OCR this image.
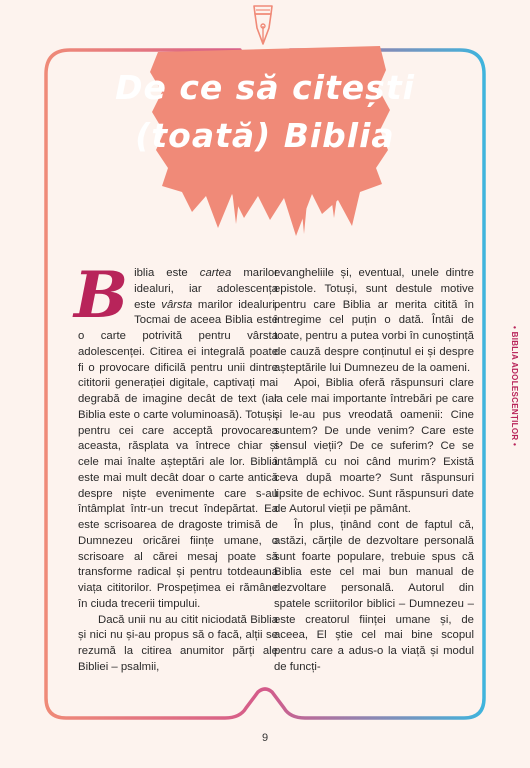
De ce să citești
(toată) Biblia

Biblia este cartea marilor idealuri, iar adolescența este vârsta marilor idealuri. Tocmai de aceea Biblia este o carte potrivită pentru vârsta adolescenței. Citirea ei integrală poate fi o provocare dificilă pentru unii dintre cititorii generației digitale, captivați mai degrabă de imagine decât de text (iar Biblia este o carte voluminoasă). Totuși, pentru cei care acceptă provocarea aceasta, răsplata va întrece chiar și cele mai înalte așteptări ale lor. Biblia este mai mult decât doar o carte antică despre niște evenimente care s-au întâmplat într-un trecut îndepărtat. Ea este scrisoarea de dragoste trimisă de Dumnezeu oricărei ființe umane, o scrisoare al cărei mesaj poate să transforme radical și pentru totdeauna viața cititorilor. Prospețimea ei rămâne în ciuda trecerii timpului.

Dacă unii nu au citit niciodată Biblia și nici nu și-au propus să o facă, alții se rezumă la citirea anumitor părți ale Bibliei – psalmii,

evangheliile și, eventual, unele dintre epistole. Totuși, sunt destule motive pentru care Biblia ar merita citită în întregime cel puțin o dată. Întâi de toate, pentru a putea vorbi în cunoștință de cauză despre conținutul ei și despre așteptările lui Dumnezeu de la oameni.

Apoi, Biblia oferă răspunsuri clare la cele mai importante întrebări pe care și le-au pus vreodată oamenii: Cine suntem? De unde venim? Care este sensul vieții? De ce suferim? Ce se întâmplă cu noi când murim? Există ceva după moarte? Sunt răspunsuri lipsite de echivoc. Sunt răspunsuri date de Autorul vieții pe pământ.

În plus, ținând cont de faptul că, astăzi, cărțile de dezvoltare personală sunt foarte populare, trebuie spus că Biblia este cel mai bun manual de dezvoltare personală. Autorul din spatele scriitorilor biblici – Dumnezeu – este creatorul ființei umane și, de aceea, El știe cel mai bine scopul pentru care a adus-o la viață și modul de funcți-

• BIBLIA ADOLESCENȚILOR •
9
